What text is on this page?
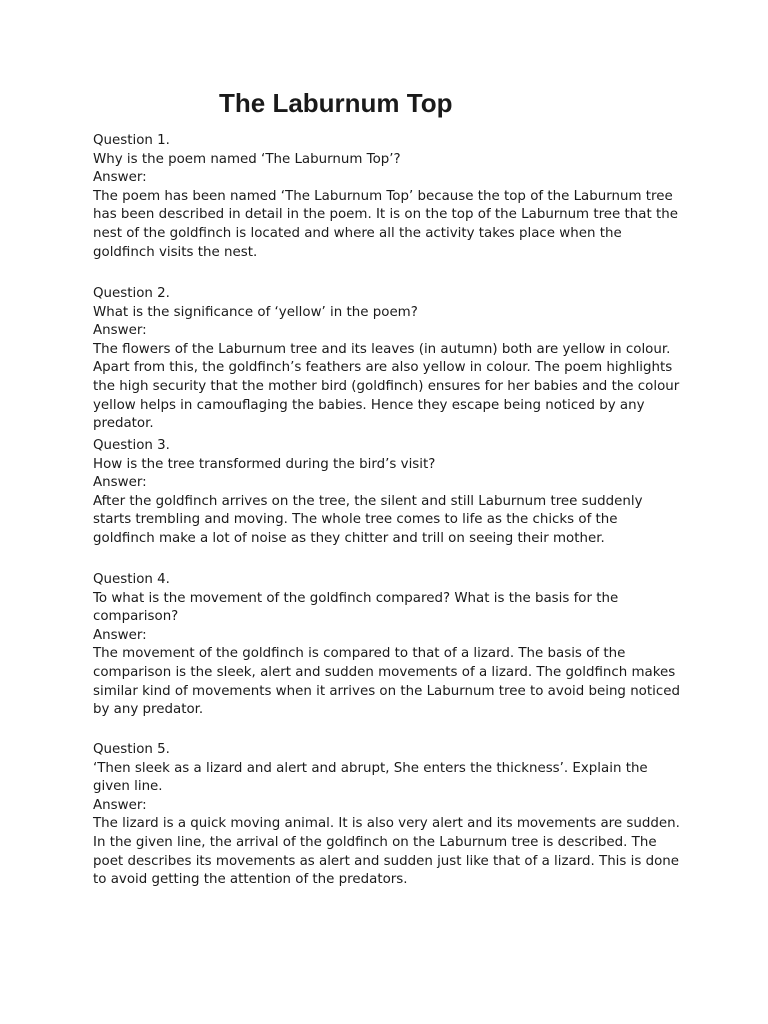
The Laburnum Top

Question 1.

Why is the poem named ‘The Laburnum Top’?

Answer:

The poem has been named ‘The Laburnum Top’ because the top of the Laburnum tree has been described in detail in the poem. It is on the top of the Laburnum tree that the nest of the goldfinch is located and where all the activity takes place when the goldfinch visits the nest.

Question 2.

What is the significance of ‘yellow’ in the poem?

Answer:

The flowers of the Laburnum tree and its leaves (in autumn) both are yellow in colour. Apart from this, the goldfinch’s feathers are also yellow in colour. The poem highlights the high security that the mother bird (goldfinch) ensures for her babies and the colour yellow helps in camouflaging the babies. Hence they escape being noticed by any predator.

Question 3.

How is the tree transformed during the bird’s visit?

Answer:

After the goldfinch arrives on the tree, the silent and still Laburnum tree suddenly starts trembling and moving. The whole tree comes to life as the chicks of the goldfinch make a lot of noise as they chitter and trill on seeing their mother.

Question 4.

To what is the movement of the goldfinch compared? What is the basis for the comparison?

Answer:

The movement of the goldfinch is compared to that of a lizard. The basis of the comparison is the sleek, alert and sudden movements of a lizard. The goldfinch makes similar kind of movements when it arrives on the Laburnum tree to avoid being noticed by any predator.

Question 5.

‘Then sleek as a lizard and alert and abrupt, She enters the thickness’. Explain the given line.

Answer:

The lizard is a quick moving animal. It is also very alert and its movements are sudden. In the given line, the arrival of the goldfinch on the Laburnum tree is described. The poet describes its movements as alert and sudden just like that of a lizard. This is done to avoid getting the attention of the predators.
